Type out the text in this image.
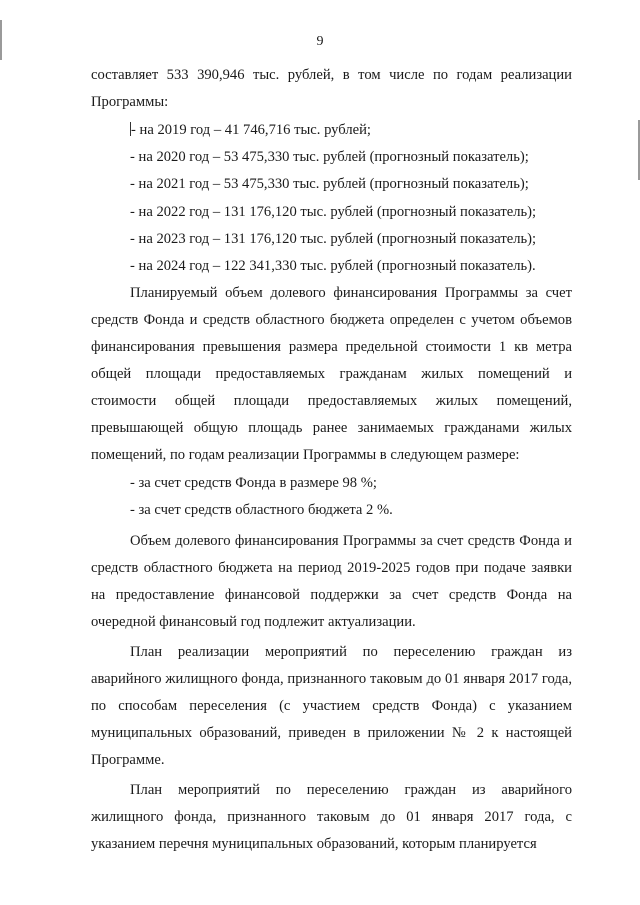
9

составляет 533 390,946 тыс. рублей, в том числе по годам реализации Программы:

- на 2019 год – 41 746,716 тыс. рублей;

- на 2020 год – 53 475,330 тыс. рублей (прогнозный показатель);

- на 2021 год – 53 475,330 тыс. рублей (прогнозный показатель);

- на 2022 год – 131 176,120 тыс. рублей (прогнозный показатель);

- на 2023 год – 131 176,120 тыс. рублей (прогнозный показатель);

- на 2024 год – 122 341,330 тыс. рублей (прогнозный показатель).

Планируемый объем долевого финансирования Программы за счет средств Фонда и средств областного бюджета определен с учетом объемов финансирования превышения размера предельной стоимости 1 кв метра общей площади предоставляемых гражданам жилых помещений и стоимости общей площади предоставляемых жилых помещений, превышающей общую площадь ранее занимаемых гражданами жилых помещений, по годам реализации Программы в следующем размере:

- за счет средств Фонда в размере 98 %;

- за счет средств областного бюджета 2 %.

Объем долевого финансирования Программы за счет средств Фонда и средств областного бюджета на период 2019-2025 годов при подаче заявки на предоставление финансовой поддержки за счет средств Фонда на очередной финансовый год подлежит актуализации.

План реализации мероприятий по переселению граждан из аварийного жилищного фонда, признанного таковым до 01 января 2017 года, по способам переселения (с участием средств Фонда) с указанием муниципальных образований, приведен в приложении № 2 к настоящей Программе.

План мероприятий по переселению граждан из аварийного жилищного фонда, признанного таковым до 01 января 2017 года, с указанием перечня муниципальных образований, которым планируется
